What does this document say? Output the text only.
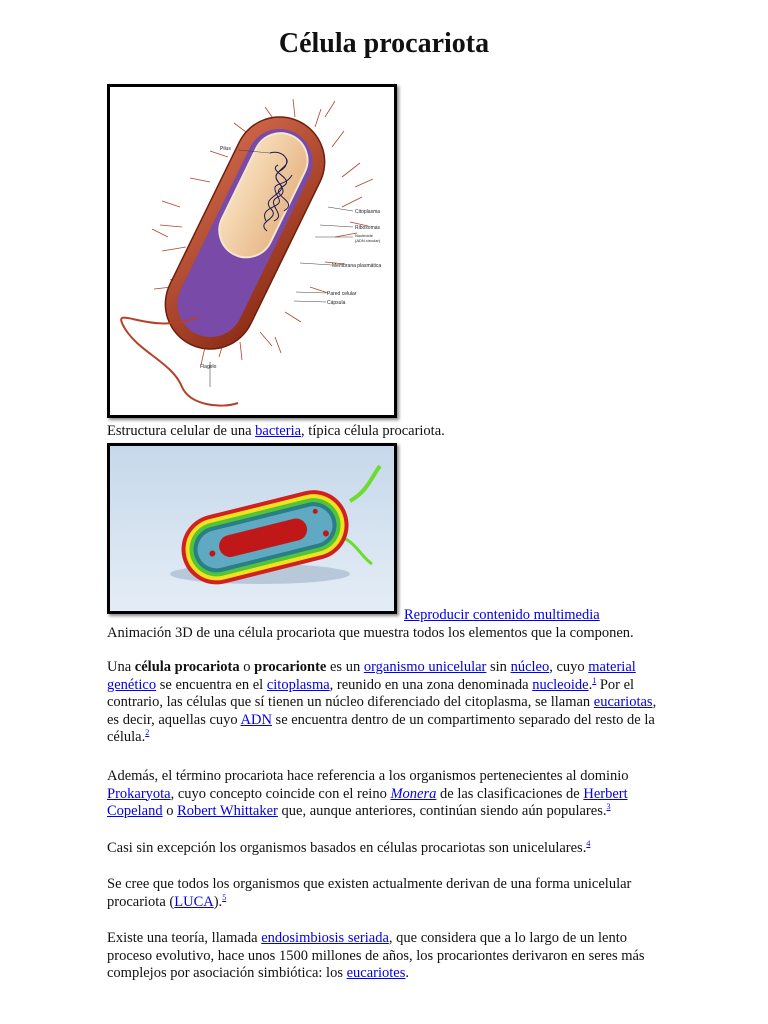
Célula procariota
Pilus
Citoplasma
Ribosomas
Nucleoide
(ADN circular)
Membrana plasmática
Pared celular
Cápsula
Flagelo
Estructura celular de una bacteria, típica célula procariota.
Reproducir contenido multimedia
Animación 3D de una célula procariota que muestra todos los elementos que la componen.
Una célula procariota o procarionte es un organismo unicelular sin núcleo, cuyo material genético se encuentra en el citoplasma, reunido en una zona denominada nucleoide.$^1$ Por el contrario, las células que sí tienen un núcleo diferenciado del citoplasma, se llaman eucariotas, es decir, aquellas cuyo ADN se encuentra dentro de un compartimento separado del resto de la célula.$^2$
Además, el término procariota hace referencia a los organismos pertenecientes al dominio Prokaryota, cuyo concepto coincide con el reino Monera de las clasificaciones de Herbert Copeland o Robert Whittaker que, aunque anteriores, continúan siendo aún populares.$^3$
Casi sin excepción los organismos basados en células procariotas son unicelulares.$^4$
Se cree que todos los organismos que existen actualmente derivan de una forma unicelular procariota (LUCA).$^5$
Existe una teoría, llamada endosimbiosis seriada, que considera que a lo largo de un lento proceso evolutivo, hace unos 1500 millones de años, los procariontes derivaron en seres más complejos por asociación simbiótica: los eucariotes.
